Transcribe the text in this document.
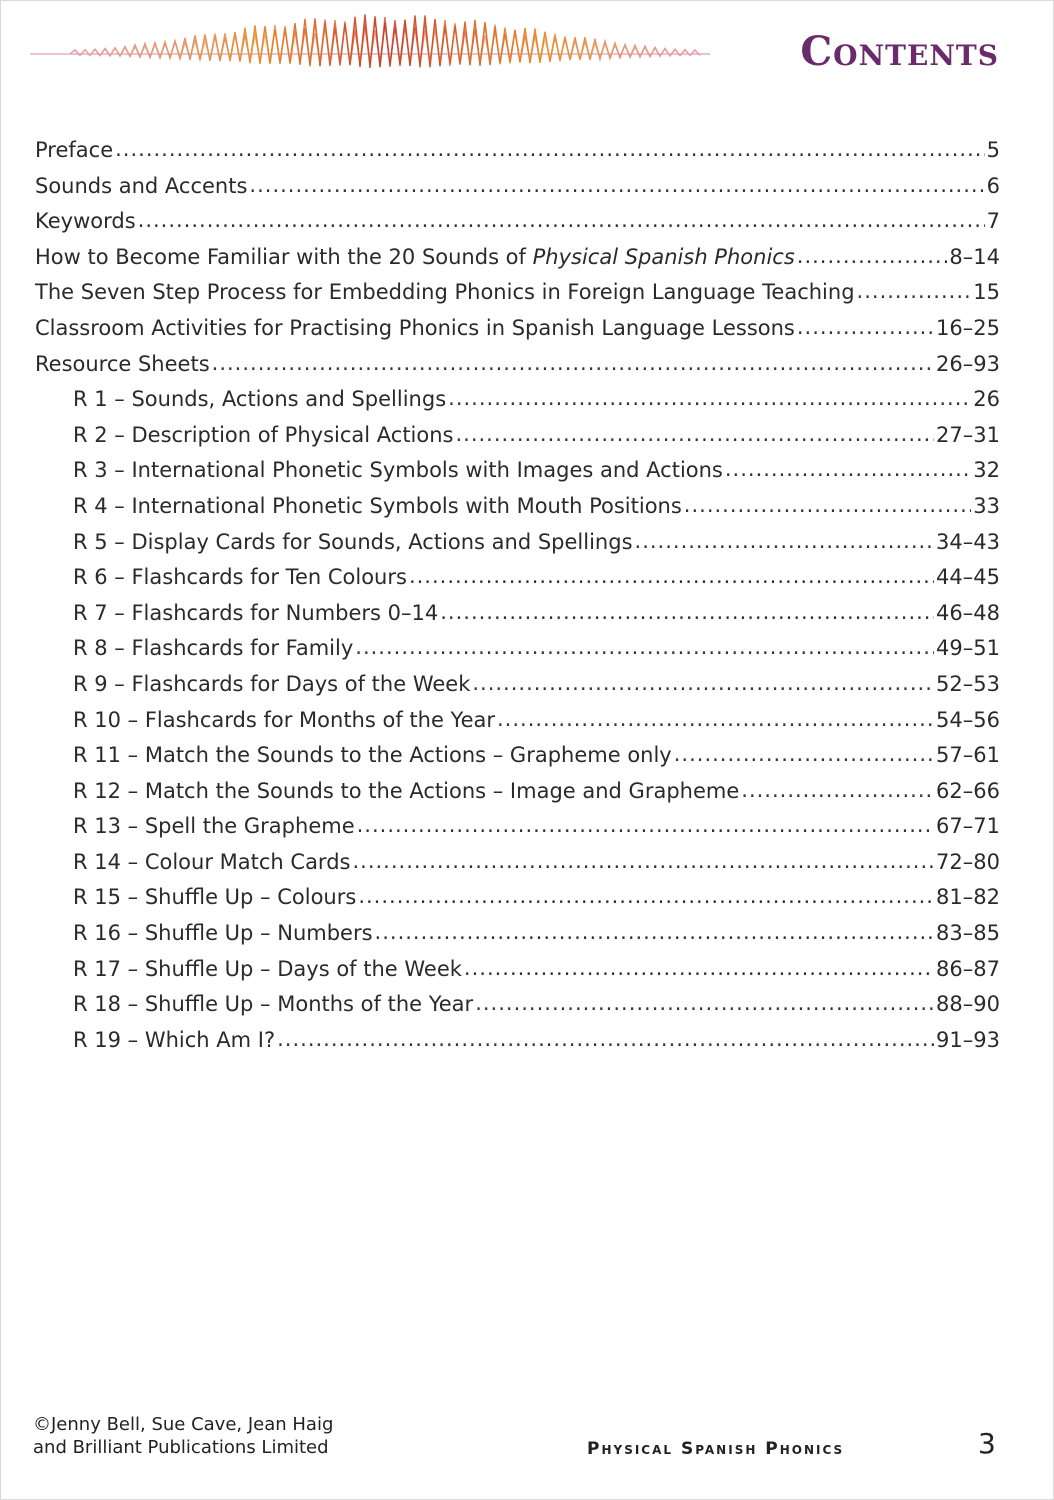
Contents
Preface .....	5
Sounds and Accents .....	6
Keywords .....	7
How to Become Familiar with the 20 Sounds of Physical Spanish Phonics .....	8–14
The Seven Step Process for Embedding Phonics in Foreign Language Teaching .....	15
Classroom Activities for Practising Phonics in Spanish Language Lessons .....	16–25
Resource Sheets .....	26–93
R 1 – Sounds, Actions and Spellings .....	26
R 2 – Description of Physical Actions .....	27–31
R 3 – International Phonetic Symbols with Images and Actions .....	32
R 4 – International Phonetic Symbols with Mouth Positions .....	33
R 5 – Display Cards for Sounds, Actions and Spellings .....	34–43
R 6 – Flashcards for Ten Colours .....	44–45
R 7 – Flashcards for Numbers 0–14 .....	46–48
R 8 – Flashcards for Family .....	49–51
R 9 – Flashcards for Days of the Week .....	52–53
R 10 – Flashcards for Months of the Year .....	54–56
R 11 – Match the Sounds to the Actions – Grapheme only .....	57–61
R 12 – Match the Sounds to the Actions – Image and Grapheme .....	62–66
R 13 – Spell the Grapheme .....	67–71
R 14 – Colour Match Cards .....	72–80
R 15 – Shuffle Up – Colours .....	81–82
R 16 – Shuffle Up – Numbers .....	83–85
R 17 – Shuffle Up – Days of the Week .....	86–87
R 18 – Shuffle Up – Months of the Year .....	88–90
R 19 – Which Am I? .....	91–93
©Jenny Bell, Sue Cave, Jean Haig
and Brilliant Publications Limited	Physical Spanish Phonics	3
